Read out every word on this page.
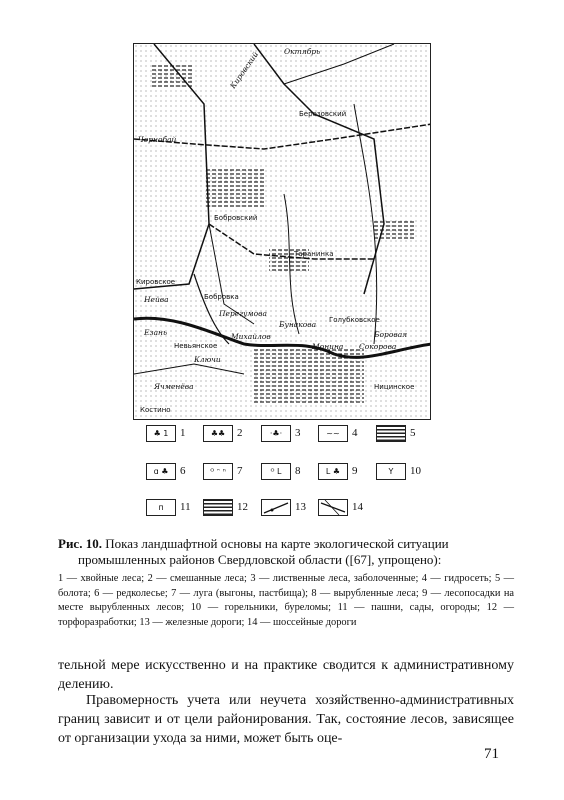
Октябрь
Кировский
Березовский
Чернобай
Бобровский
Таранинка
Кировское
Нейва	Бобровка
Перегумова
Бунакова Голубковское
Езань
Невьянское
Михайлов
Ключи
Монина Сокорова
Боровая
Ячменёва
Костино
Ницинское
♣ 1	1	♣♣	2	·♣·	3	~~	4	5
ɑ ♣	6	ᴼ ᵔ ⁿ	7	ᴼ L	8	L ♣	9	Y	10
п	11	12	13	14
Рис. 10. Показ ландшафтной основы на карте экологической ситуации
промышленных районов Свердловской области ([67], упрощено):
1 — хвойные леса; 2 — смешанные леса; 3 — лиственные леса, заболоченные; 4 — гидросеть; 5 — болота; 6 — редколесье; 7 — луга (выгоны, пастбища); 8 — вырубленные леса; 9 — лесопосадки на месте вырубленных лесов; 10 — горельники, буреломы; 11 — пашни, сады, огороды; 12 — торфоразработки; 13 — железные дороги; 14 — шоссейные дороги
тельной мере искусственно и на практике сводится к административному делению.
Правомерность учета или неучета хозяйственно-административных границ зависит и от цели районирования. Так, состояние лесов, зависящее от организации ухода за ними, может быть оце-
71
